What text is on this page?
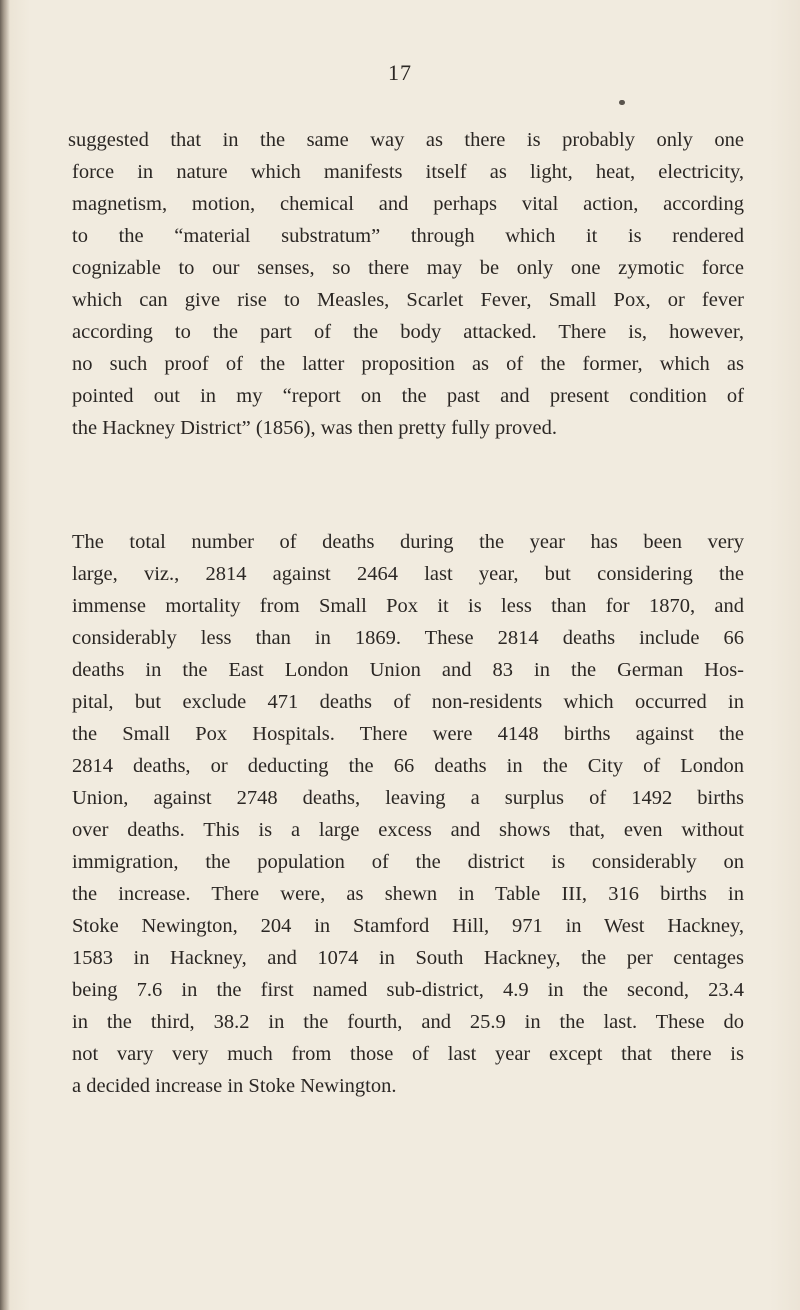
17
suggested that in the same way as there is probably only one
force in nature which manifests itself as light, heat, electricity,
magnetism, motion, chemical and perhaps vital action, according
to the “material substratum” through which it is rendered
cognizable to our senses, so there may be only one zymotic force
which can give rise to Measles, Scarlet Fever, Small Pox, or fever
according to the part of the body attacked. There is, however,
no such proof of the latter proposition as of the former, which as
pointed out in my “report on the past and present condition of
the Hackney District” (1856), was then pretty fully proved.
The total number of deaths during the year has been very
large, viz., 2814 against 2464 last year, but considering the
immense mortality from Small Pox it is less than for 1870, and
considerably less than in 1869. These 2814 deaths include 66
deaths in the East London Union and 83 in the German Hos-
pital, but exclude 471 deaths of non-residents which occurred in
the Small Pox Hospitals. There were 4148 births against the
2814 deaths, or deducting the 66 deaths in the City of London
Union, against 2748 deaths, leaving a surplus of 1492 births
over deaths. This is a large excess and shows that, even without
immigration, the population of the district is considerably on
the increase. There were, as shewn in Table III, 316 births in
Stoke Newington, 204 in Stamford Hill, 971 in West Hackney,
1583 in Hackney, and 1074 in South Hackney, the per centages
being 7.6 in the first named sub-district, 4.9 in the second, 23.4
in the third, 38.2 in the fourth, and 25.9 in the last. These do
not vary very much from those of last year except that there is
a decided increase in Stoke Newington.
